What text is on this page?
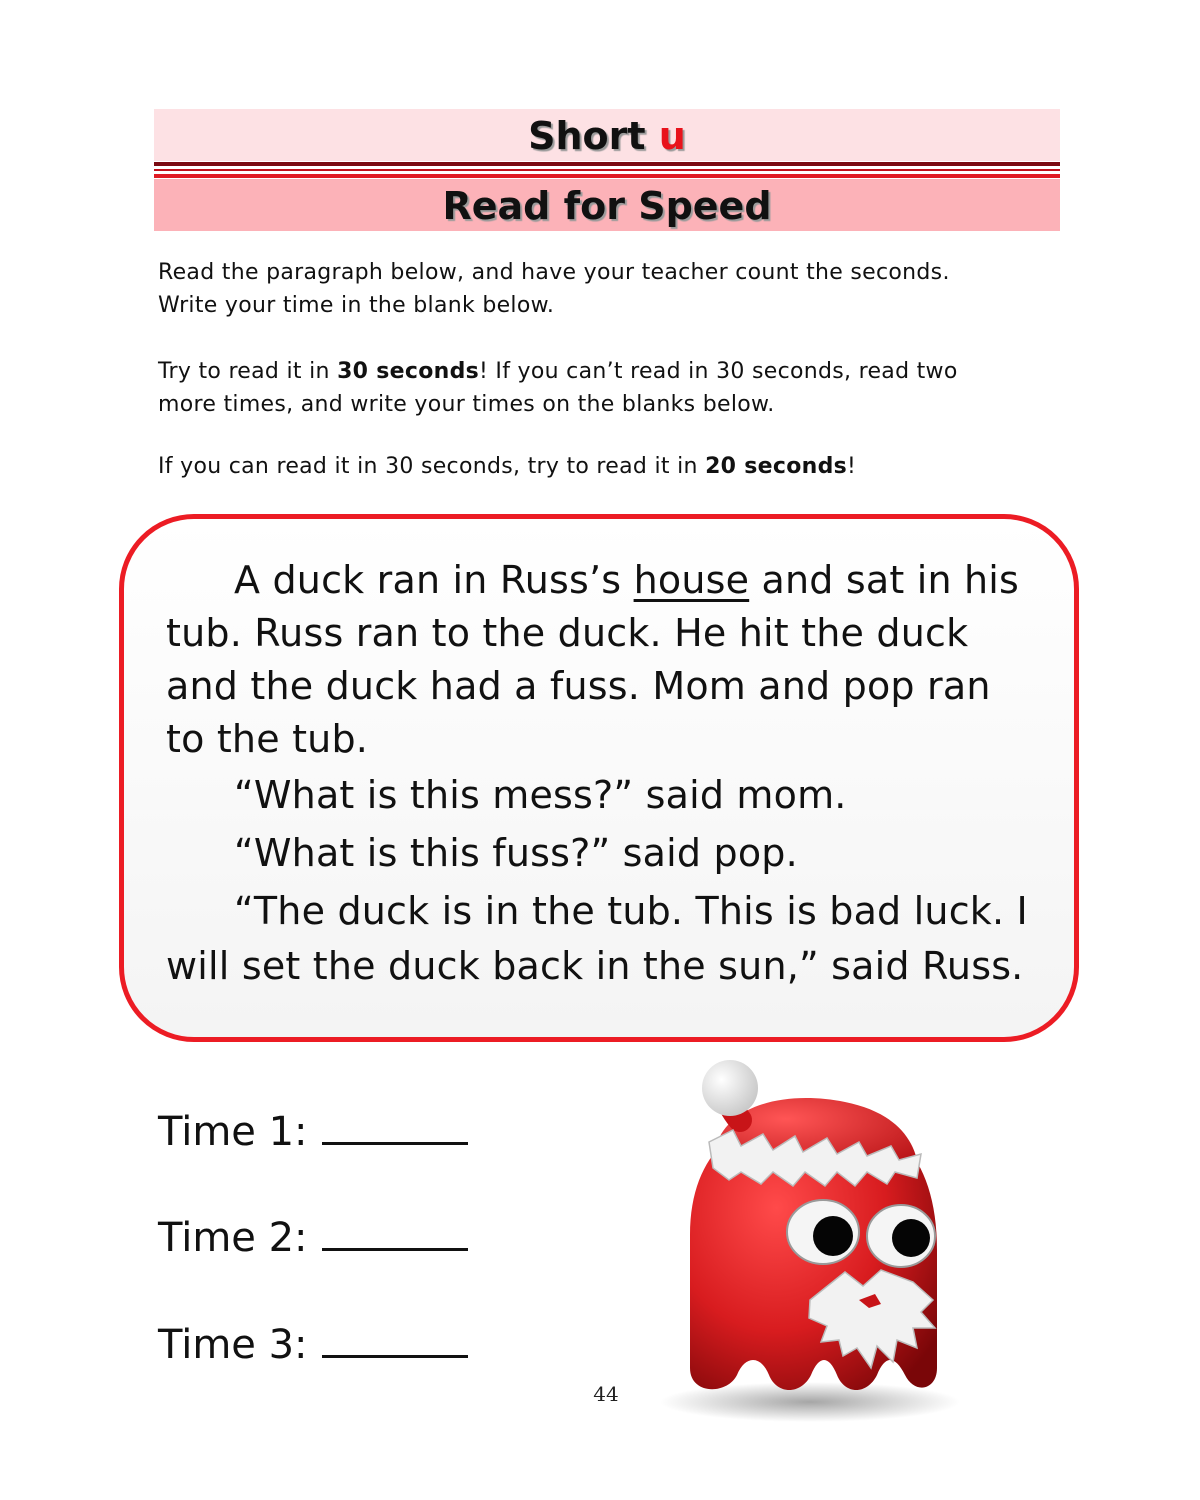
Short u
Read for Speed
Read the paragraph below, and have your teacher count the seconds.
Write your time in the blank below.
Try to read it in 30 seconds! If you can’t read in 30 seconds, read two
more times, and write your times on the blanks below.
If you can read it in 30 seconds, try to read it in 20 seconds!
A duck ran in Russ’s house and sat in his
tub. Russ ran to the duck. He hit the duck
and the duck had a fuss. Mom and pop ran
to the tub.
“What is this mess?” said mom.
“What is this fuss?” said pop.
“The duck is in the tub. This is bad luck. I
will set the duck back in the sun,” said Russ.
Time 1:
Time 2:
Time 3:
44
